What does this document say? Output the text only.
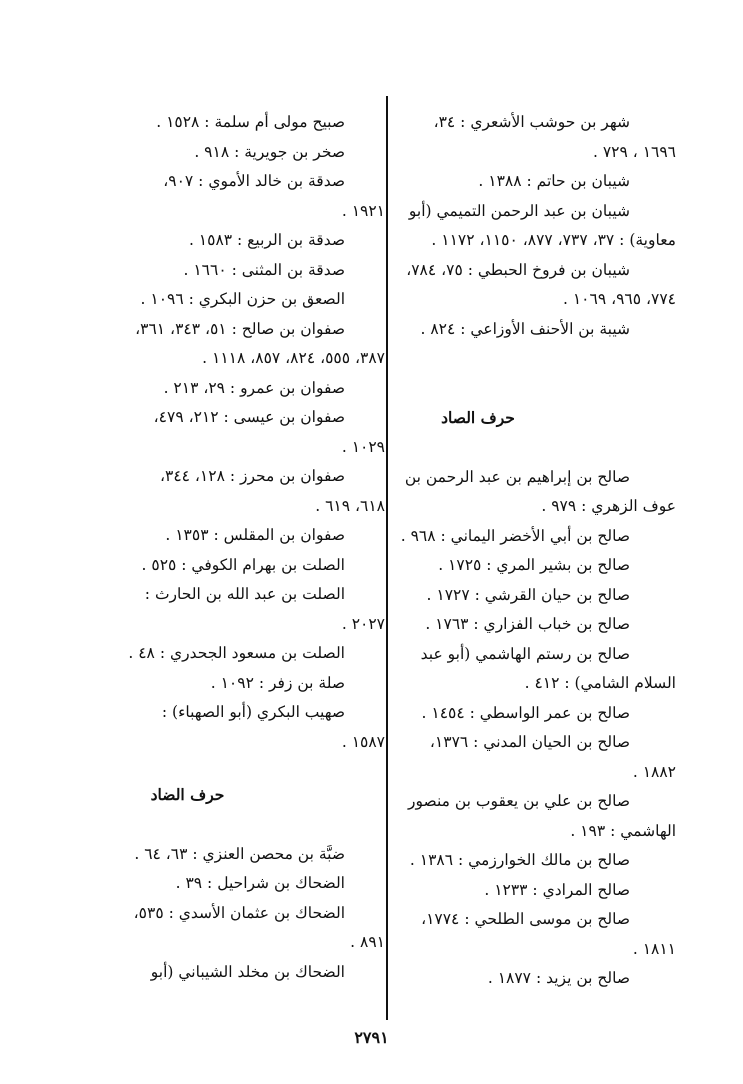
شهر بن حوشب الأشعري : ٣٤،
١٦٩٦ ، ٧٢٩ .
شيبان بن حاتم : ١٣٨٨ .
شيبان بن عبد الرحمن التميمي (أبو
معاوية) : ٣٧، ٧٣٧، ٨٧٧، ١١٥٠، ١١٧٢ .
شيبان بن فروخ الحبطي : ٧٥، ٧٨٤،
٧٧٤، ٩٦٥، ١٠٦٩ .
شيبة بن الأحنف الأوزاعي : ٨٢٤ .
حرف الصاد
صالح بن إبراهيم بن عبد الرحمن بن
عوف الزهري : ٩٧٩ .
صالح بن أبي الأخضر اليماني : ٩٦٨ .
صالح بن بشير المري : ١٧٢٥ .
صالح بن حيان القرشي : ١٧٢٧ .
صالح بن خباب الفزاري : ١٧٦٣ .
صالح بن رستم الهاشمي (أبو عبد
السلام الشامي) : ٤١٢ .
صالح بن عمر الواسطي : ١٤٥٤ .
صالح بن الحيان المدني : ١٣٧٦،
١٨٨٢ .
صالح بن علي بن يعقوب بن منصور
الهاشمي : ١٩٣ .
صالح بن مالك الخوارزمي : ١٣٨٦ .
صالح المرادي : ١٢٣٣ .
صالح بن موسى الطلحي : ١٧٧٤،
١٨١١ .
صالح بن يزيد : ١٨٧٧ .
صبيح مولى أم سلمة : ١٥٢٨ .
صخر بن جويرية : ٩١٨ .
صدقة بن خالد الأموي : ٩٠٧،
١٩٢١ .
صدقة بن الربيع : ١٥٨٣ .
صدقة بن المثنى : ١٦٦٠ .
الصعق بن حزن البكري : ١٠٩٦ .
صفوان بن صالح : ٥١، ٣٤٣، ٣٦١،
٣٨٧، ٥٥٥، ٨٢٤، ٨٥٧، ١١١٨ .
صفوان بن عمرو : ٢٩، ٢١٣ .
صفوان بن عيسى : ٢١٢، ٤٧٩،
١٠٢٩ .
صفوان بن محرز : ١٢٨، ٣٤٤،
٦١٨، ٦١٩ .
صفوان بن المقلس : ١٣٥٣ .
الصلت بن بهرام الكوفي : ٥٢٥ .
الصلت بن عبد الله بن الحارث :
٢٠٢٧ .
الصلت بن مسعود الجحدري : ٤٨ .
صلة بن زفر : ١٠٩٢ .
صهيب البكري (أبو الصهباء) :
١٥٨٧ .
حرف الضاد
ضبَّة بن محصن العنزي : ٦٣، ٦٤ .
الضحاك بن شراحيل : ٣٩ .
الضحاك بن عثمان الأسدي : ٥٣٥،
٨٩١ .
الضحاك بن مخلد الشيباني (أبو
٢٧٩١
